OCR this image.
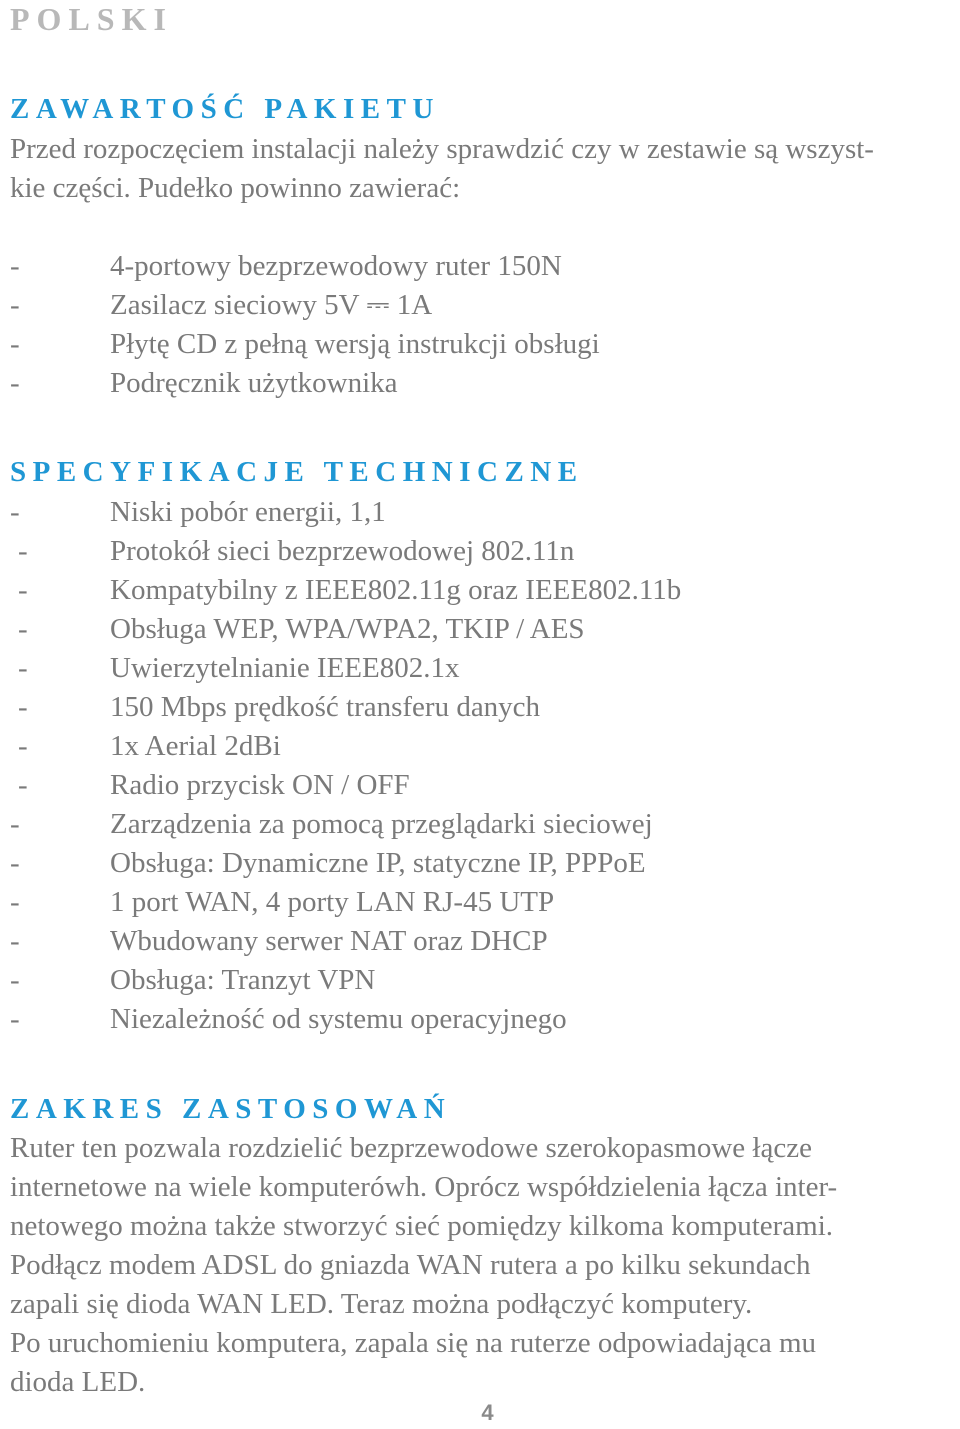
POLSKI
ZAWARTOŚĆ PAKIETU

Przed rozpoczęciem instalacji należy sprawdzić czy w zestawie są wszyst-

kie części. Pudełko powinno zawierać:

-	4-portowy bezprzewodowy ruter 150N
-	Zasilacz sieciowy 5V ⎓ 1A
-	Płytę CD z pełną wersją instrukcji obsługi
-	Podręcznik użytkownika
SPECYFIKACJE TECHNICZNE
-	Niski pobór energii, 1,1
-	Protokół sieci bezprzewodowej 802.11n
-	Kompatybilny z IEEE802.11g oraz IEEE802.11b
-	Obsługa WEP, WPA/WPA2, TKIP / AES
-	Uwierzytelnianie IEEE802.1x
-	150 Mbps prędkość transferu danych
-	1x Aerial 2dBi
-	Radio przycisk ON / OFF
-	Zarządzenia za pomocą przeglądarki sieciowej
-	Obsługa: Dynamiczne IP, statyczne IP, PPPoE
-	1 port WAN, 4 porty LAN RJ-45 UTP
-	Wbudowany serwer NAT oraz DHCP
-	Obsługa: Tranzyt VPN
-	Niezależność od systemu operacyjnego
ZAKRES ZASTOSOWAŃ

Ruter ten pozwala rozdzielić bezprzewodowe szerokopasmowe łącze

internetowe na wiele komputerówh. Oprócz współdzielenia łącza inter-

netowego można także stworzyć sieć pomiędzy kilkoma komputerami.

Podłącz modem ADSL do gniazda WAN rutera a po kilku sekundach

zapali się dioda WAN LED. Teraz można podłączyć komputery.

Po uruchomieniu komputera, zapala się na ruterze odpowiadająca mu

dioda LED.

4
